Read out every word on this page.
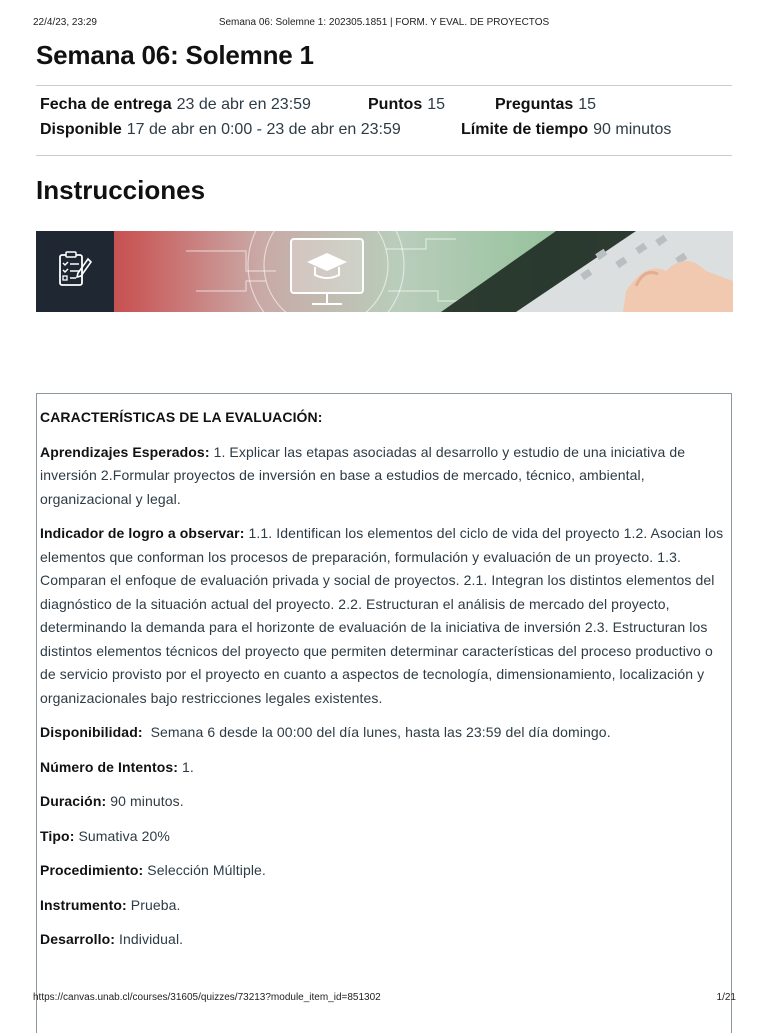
22/4/23, 23:29	Semana 06: Solemne 1: 202305.1851 | FORM. Y EVAL. DE PROYECTOS
Semana 06: Solemne 1
Fecha de entrega 23 de abr en 23:59	Puntos 15	Preguntas 15
Disponible 17 de abr en 0:00 - 23 de abr en 23:59	Límite de tiempo 90 minutos
Instrucciones

CARACTERÍSTICAS DE LA EVALUACIÓN:

Aprendizajes Esperados: 1. Explicar las etapas asociadas al desarrollo y estudio de una iniciativa de inversión 2.Formular proyectos de inversión en base a estudios de mercado, técnico, ambiental, organizacional y legal.

Indicador de logro a observar: 1.1. Identifican los elementos del ciclo de vida del proyecto 1.2. Asocian los elementos que conforman los procesos de preparación, formulación y evaluación de un proyecto. 1.3. Comparan el enfoque de evaluación privada y social de proyectos. 2.1. Integran los distintos elementos del diagnóstico de la situación actual del proyecto. 2.2. Estructuran el análisis de mercado del proyecto, determinando la demanda para el horizonte de evaluación de la iniciativa de inversión 2.3. Estructuran los distintos elementos técnicos del proyecto que permiten determinar características del proceso productivo o de servicio provisto por el proyecto en cuanto a aspectos de tecnología, dimensionamiento, localización y organizacionales bajo restricciones legales existentes.

Disponibilidad:  Semana 6 desde la 00:00 del día lunes, hasta las 23:59 del día domingo.

Número de Intentos: 1.

Duración: 90 minutos.

Tipo: Sumativa 20%

Procedimiento: Selección Múltiple.

Instrumento: Prueba.

Desarrollo: Individual.

https://canvas.unab.cl/courses/31605/quizzes/73213?module_item_id=851302	1/21
